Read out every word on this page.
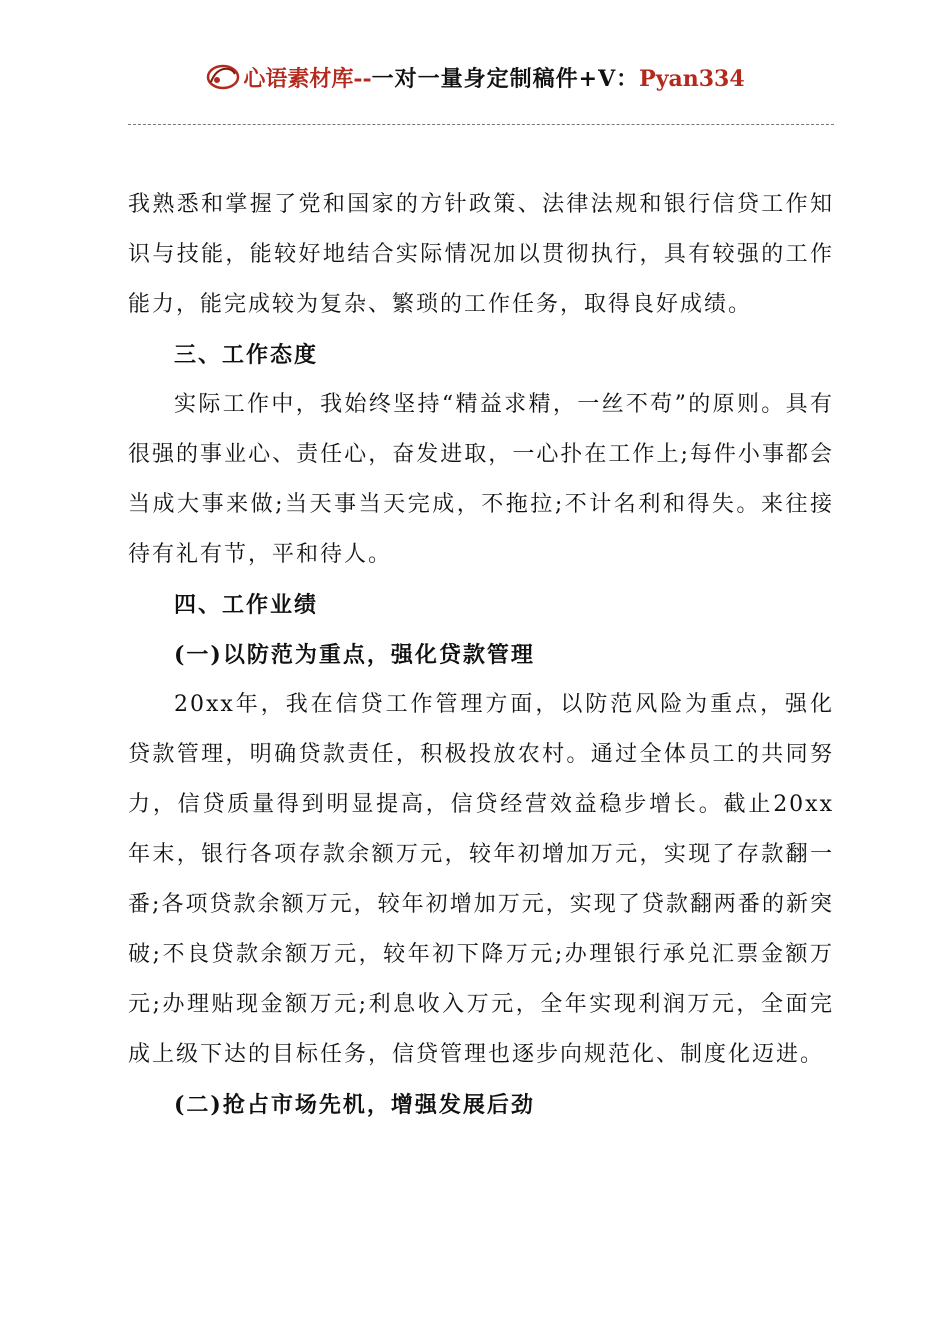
心语素材库--一对一量身定制稿件+V：Pyan334

我熟悉和掌握了党和国家的方针政策、法律法规和银行信贷工作知识与技能，能较好地结合实际情况加以贯彻执行，具有较强的工作能力，能完成较为复杂、繁琐的工作任务，取得良好成绩。

三、工作态度

实际工作中，我始终坚持“精益求精，一丝不苟”的原则。具有很强的事业心、责任心，奋发进取，一心扑在工作上;每件小事都会当成大事来做;当天事当天完成，不拖拉;不计名利和得失。来往接待有礼有节，平和待人。

四、工作业绩

(一)以防范为重点，强化贷款管理

20xx年，我在信贷工作管理方面，以防范风险为重点，强化贷款管理，明确贷款责任，积极投放农村。通过全体员工的共同努力，信贷质量得到明显提高，信贷经营效益稳步增长。截止20xx年末，银行各项存款余额万元，较年初增加万元，实现了存款翻一番;各项贷款余额万元，较年初增加万元，实现了贷款翻两番的新突破;不良贷款余额万元，较年初下降万元;办理银行承兑汇票金额万元;办理贴现金额万元;利息收入万元，全年实现利润万元，全面完成上级下达的目标任务，信贷管理也逐步向规范化、制度化迈进。

(二)抢占市场先机，增强发展后劲
